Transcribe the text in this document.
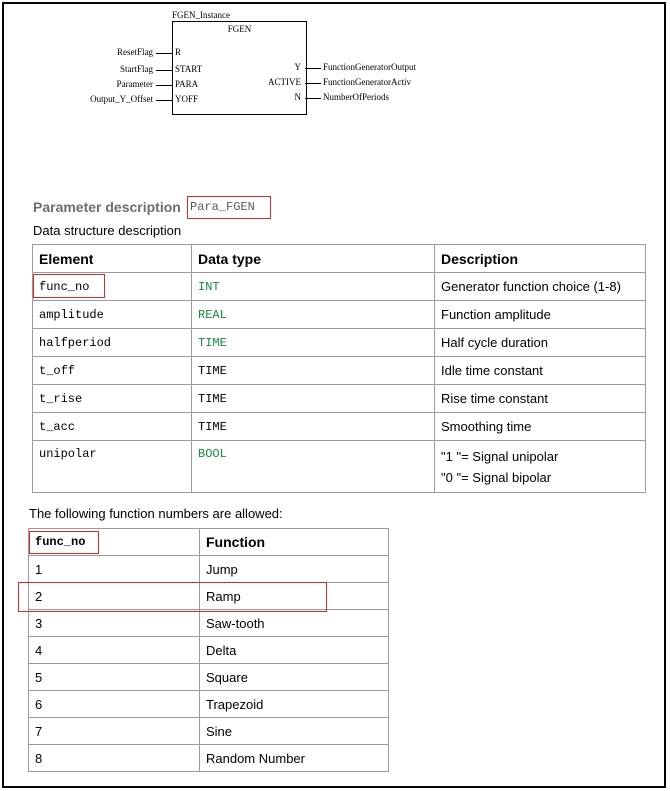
FGEN_Instance
FGEN
ResetFlag R
StartFlag START
Parameter PARA
Output_Y_Offset YOFF
Y FunctionGeneratorOutput
ACTIVE FunctionGeneratorActiv
N NumberOfPeriods
Parameter description Para_FGEN
Data structure description
Element	Data type	Description
func_no	INT	Generator function choice (1-8)
amplitude	REAL	Function amplitude
halfperiod	TIME	Half cycle duration
t_off	TIME	Idle time constant
t_rise	TIME	Rise time constant
t_acc	TIME	Smoothing time
unipolar	BOOL	"1 "= Signal unipolar
"0 "= Signal bipolar
The following function numbers are allowed:
func_no	Function
1	Jump
2	Ramp
3	Saw-tooth
4	Delta
5	Square
6	Trapezoid
7	Sine
8	Random Number
